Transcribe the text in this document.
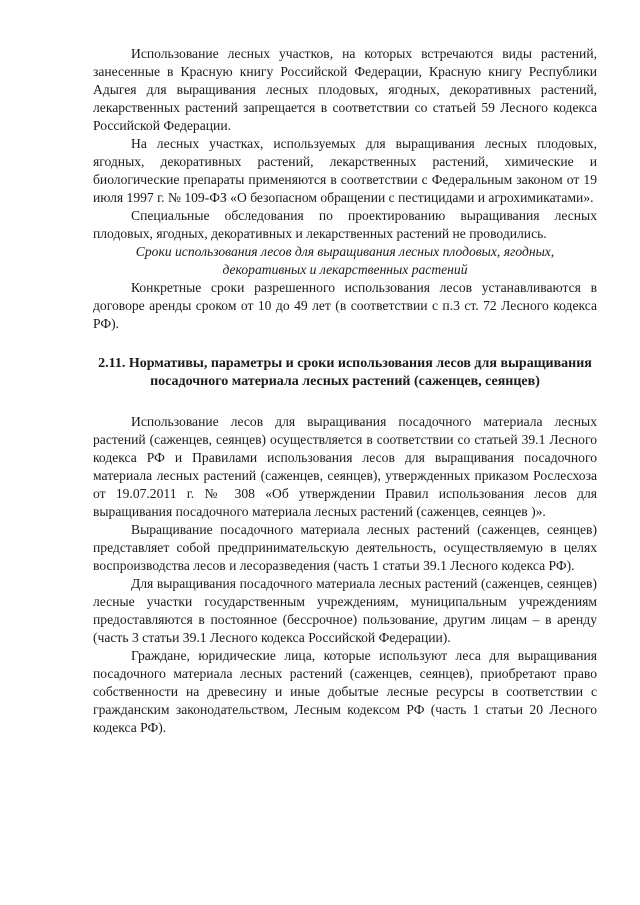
Использование лесных участков, на которых встречаются виды растений, занесенные в Красную книгу Российской Федерации, Красную книгу Республики Адыгея для выращивания лесных плодовых, ягодных, декоративных растений, лекарственных растений запрещается в соответствии со статьей 59 Лесного кодекса Российской Федерации.

На лесных участках, используемых для выращивания лесных плодовых, ягодных, декоративных растений, лекарственных растений, химические и биологические препараты применяются в соответствии с Федеральным законом от 19 июля 1997 г. № 109-ФЗ «О безопасном обращении с пестицидами и агрохимикатами».

Специальные обследования по проектированию выращивания лесных плодовых, ягодных, декоративных и лекарственных растений не проводились.

Сроки использования лесов для выращивания лесных плодовых, ягодных, декоративных и лекарственных растений

Конкретные сроки разрешенного использования лесов устанавливаются в договоре аренды сроком от 10 до 49 лет (в соответствии с п.3 ст. 72 Лесного кодекса РФ).

2.11. Нормативы, параметры и сроки использования лесов для выращивания посадочного материала лесных растений (саженцев, сеянцев)

Использование лесов для выращивания посадочного материала лесных растений (саженцев, сеянцев) осуществляется в соответствии со статьей 39.1 Лесного кодекса РФ и Правилами использования лесов для выращивания посадочного материала лесных растений (саженцев, сеянцев), утвержденных приказом Рослесхоза от 19.07.2011 г. № 308 «Об утверждении Правил использования лесов для выращивания посадочного материала лесных растений (саженцев, сеянцев )».

Выращивание посадочного материала лесных растений (саженцев, сеянцев) представляет собой предпринимательскую деятельность, осуществляемую в целях воспроизводства лесов и лесоразведения (часть 1 статьи 39.1 Лесного кодекса РФ).

Для выращивания посадочного материала лесных растений (саженцев, сеянцев) лесные участки государственным учреждениям, муниципальным учреждениям предоставляются в постоянное (бессрочное) пользование, другим лицам – в аренду (часть 3 статьи 39.1 Лесного кодекса Российской Федерации).

Граждане, юридические лица, которые используют леса для выращивания посадочного материала лесных растений (саженцев, сеянцев), приобретают право собственности на древесину и иные добытые лесные ресурсы в соответствии с гражданским законодательством, Лесным кодексом РФ (часть 1 статьи 20 Лесного кодекса РФ).
